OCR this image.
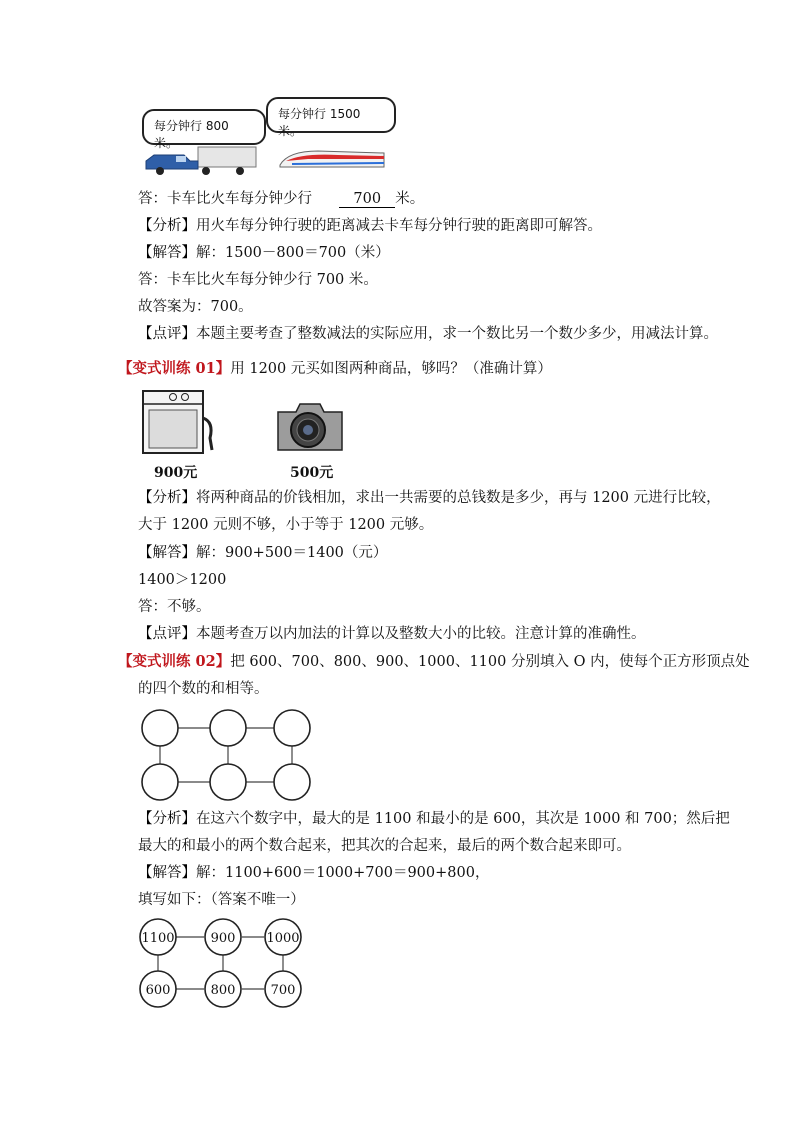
每分钟行 800 米。
每分钟行 1500 米。
答：卡车比火车每分钟少行	700 米。
【分析】用火车每分钟行驶的距离减去卡车每分钟行驶的距离即可解答。
【解答】解：1500－800＝700（米）
答：卡车比火车每分钟少行 700 米。
故答案为：700。
【点评】本题主要考查了整数减法的实际应用，求一个数比另一个数少多少，用减法计算。
【变式训练 01】用 1200 元买如图两种商品，够吗？（准确计算）
900元	500元
【分析】将两种商品的价钱相加，求出一共需要的总钱数是多少，再与 1200 元进行比较，
大于 1200 元则不够，小于等于 1200 元够。
【解答】解：900+500＝1400（元）
1400＞1200
答：不够。
【点评】本题考查万以内加法的计算以及整数大小的比较。注意计算的准确性。
【变式训练 02】把 600、700、800、900、1000、1100 分别填入 O 内，使每个正方形顶点处
的四个数的和相等。
【分析】在这六个数字中，最大的是 1100 和最小的是 600，其次是 1000 和 700；然后把
最大的和最小的两个数合起来，把其次的合起来，最后的两个数合起来即可。
【解答】解：1100+600＝1000+700＝900+800，
填写如下：（答案不唯一）
1100	900 1000
600	800	700
